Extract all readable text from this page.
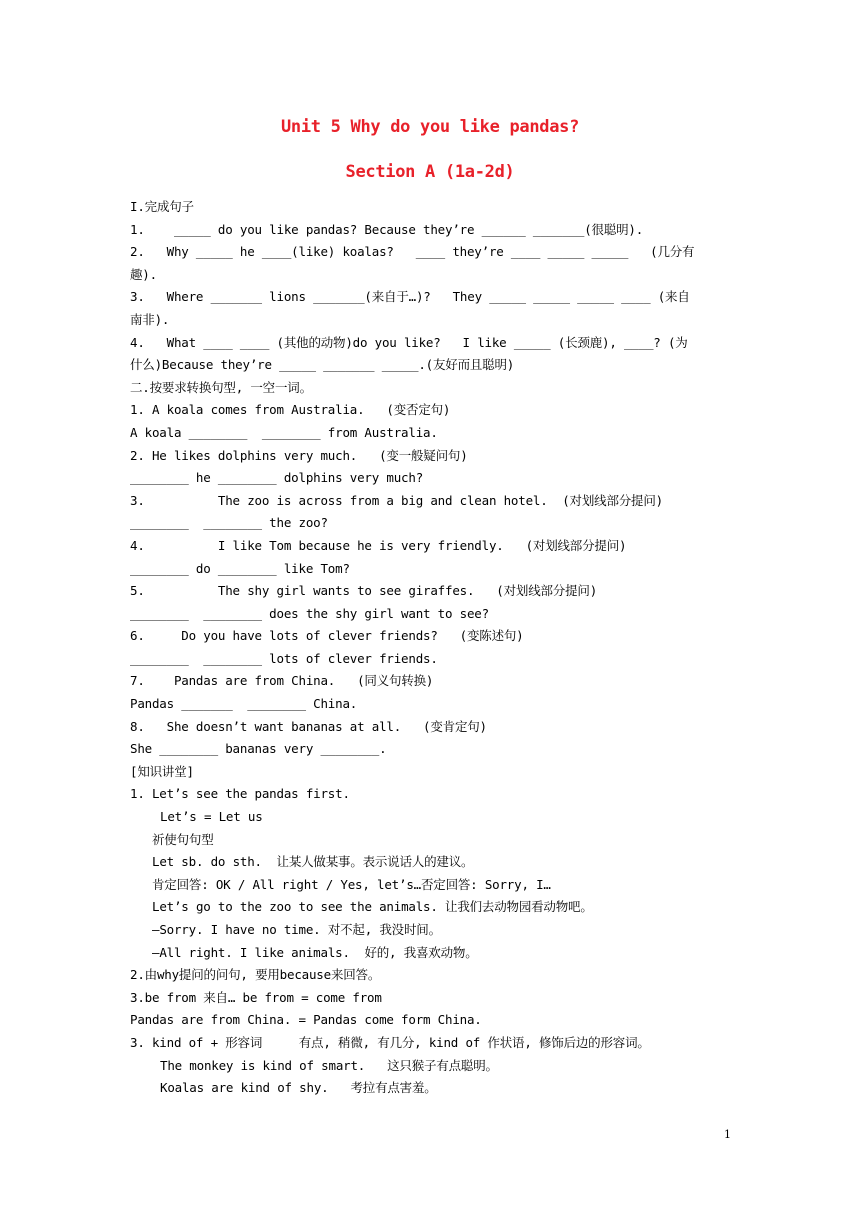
Unit 5 Why do you like pandas?
Section A (1a-2d)
I.完成句子
1.    _____ do you like pandas? Because they’re ______ _______(很聪明).
2.   Why _____ he ____(like) koalas?   ____ they’re ____ _____ _____   (几分有
趣).
3.   Where _______ lions _______(来自于…)?   They _____ _____ _____ ____ (来自
南非).
4.   What ____ ____ (其他的动物)do you like?   I like _____ (长颈鹿), ____? (为
什么)Because they’re _____ _______ _____.(友好而且聪明)
二.按要求转换句型, 一空一词。
1. A koala comes from Australia.   (变否定句)
A koala ________  ________ from Australia.
2. He likes dolphins very much.   (变一般疑问句)
________ he ________ dolphins very much?
3.          The zoo is across from a big and clean hotel.  (对划线部分提问)
________  ________ the zoo?
4.          I like Tom because he is very friendly.   (对划线部分提问)
________ do ________ like Tom?
5.          The shy girl wants to see giraffes.   (对划线部分提问)
________  ________ does the shy girl want to see?
6.     Do you have lots of clever friends?   (变陈述句)
________  ________ lots of clever friends.
7.    Pandas are from China.   (同义句转换)
Pandas _______  ________ China.
8.   She doesn’t want bananas at all.   (变肯定句)
She ________ bananas very ________.
[知识讲堂]
1. Let’s see the pandas first.
Let’s = Let us
祈使句句型
Let sb. do sth.  让某人做某事。表示说话人的建议。
肯定回答: OK / All right / Yes, let’s…否定回答: Sorry, I…
Let’s go to the zoo to see the animals. 让我们去动物园看动物吧。
—Sorry. I have no time. 对不起, 我没时间。
—All right. I like animals.  好的, 我喜欢动物。
2.由why提问的问句, 要用because来回答。
3.be from 来自… be from = come from
Pandas are from China. = Pandas come form China.
3. kind of + 形容词     有点, 稍微, 有几分, kind of 作状语, 修饰后边的形容词。
The monkey is kind of smart.   这只猴子有点聪明。
Koalas are kind of shy.   考拉有点害羞。
1
